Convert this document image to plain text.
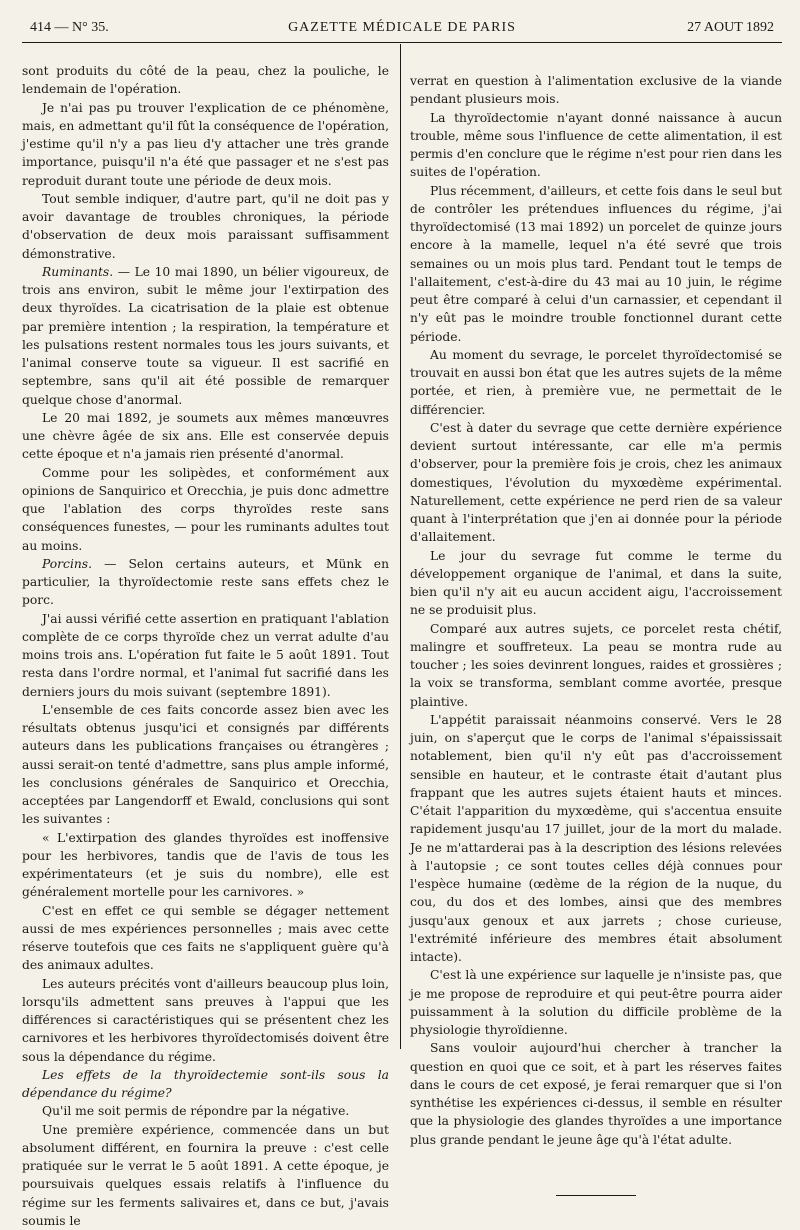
414 — N° 35.	GAZETTE MÉDICALE DE PARIS	27 AOUT 1892

sont produits du côté de la peau, chez la pouliche, le lendemain de l'opération.

Je n'ai pas pu trouver l'explication de ce phénomène, mais, en admettant qu'il fût la conséquence de l'opération, j'estime qu'il n'y a pas lieu d'y attacher une très grande importance, puisqu'il n'a été que passager et ne s'est pas reproduit durant toute une période de deux mois.

Tout semble indiquer, d'autre part, qu'il ne doit pas y avoir davantage de troubles chroniques, la période d'observation de deux mois paraissant suffisamment démonstrative.

Ruminants. — Le 10 mai 1890, un bélier vigoureux, de trois ans environ, subit le même jour l'extirpation des deux thyroïdes. La cicatrisation de la plaie est obtenue par première intention ; la respiration, la température et les pulsations restent normales tous les jours suivants, et l'animal conserve toute sa vigueur. Il est sacrifié en septembre, sans qu'il ait été possible de remarquer quelque chose d'anormal.

Le 20 mai 1892, je soumets aux mêmes manœuvres une chèvre âgée de six ans. Elle est conservée depuis cette époque et n'a jamais rien présenté d'anormal.

Comme pour les solipèdes, et conformément aux opinions de Sanquirico et Orecchia, je puis donc admettre que l'ablation des corps thyroïdes reste sans conséquences funestes, — pour les ruminants adultes tout au moins.

Porcins. — Selon certains auteurs, et Münk en particulier, la thyroïdectomie reste sans effets chez le porc.

J'ai aussi vérifié cette assertion en pratiquant l'ablation complète de ce corps thyroïde chez un verrat adulte d'au moins trois ans. L'opération fut faite le 5 août 1891. Tout resta dans l'ordre normal, et l'animal fut sacrifié dans les derniers jours du mois suivant (septembre 1891).

L'ensemble de ces faits concorde assez bien avec les résultats obtenus jusqu'ici et consignés par différents auteurs dans les publications françaises ou étrangères ; aussi serait-on tenté d'admettre, sans plus ample informé, les conclusions générales de Sanquirico et Orecchia, acceptées par Langendorff et Ewald, conclusions qui sont les suivantes :

« L'extirpation des glandes thyroïdes est inoffensive pour les herbivores, tandis que de l'avis de tous les expérimentateurs (et je suis du nombre), elle est généralement mortelle pour les carnivores. »

C'est en effet ce qui semble se dégager nettement aussi de mes expériences personnelles ; mais avec cette réserve toutefois que ces faits ne s'appliquent guère qu'à des animaux adultes.

Les auteurs précités vont d'ailleurs beaucoup plus loin, lorsqu'ils admettent sans preuves à l'appui que les différences si caractéristiques qui se présentent chez les carnivores et les herbivores thyroïdectomisés doivent être sous la dépendance du régime.

Les effets de la thyroïdectemie sont-ils sous la dépendance du régime?

Qu'il me soit permis de répondre par la négative.

Une première expérience, commencée dans un but absolument différent, en fournira la preuve : c'est celle pratiquée sur le verrat le 5 août 1891. A cette époque, je poursuivais quelques essais relatifs à l'influence du régime sur les ferments salivaires et, dans ce but, j'avais soumis le

verrat en question à l'alimentation exclusive de la viande pendant plusieurs mois.

La thyroïdectomie n'ayant donné naissance à aucun trouble, même sous l'influence de cette alimentation, il est permis d'en conclure que le régime n'est pour rien dans les suites de l'opération.

Plus récemment, d'ailleurs, et cette fois dans le seul but de contrôler les prétendues influences du régime, j'ai thyroïdectomisé (13 mai 1892) un porcelet de quinze jours encore à la mamelle, lequel n'a été sevré que trois semaines ou un mois plus tard. Pendant tout le temps de l'allaitement, c'est-à-dire du 43 mai au 10 juin, le régime peut être comparé à celui d'un carnassier, et cependant il n'y eût pas le moindre trouble fonctionnel durant cette période.

Au moment du sevrage, le porcelet thyroïdectomisé se trouvait en aussi bon état que les autres sujets de la même portée, et rien, à première vue, ne permettait de le différencier.

C'est à dater du sevrage que cette dernière expérience devient surtout intéressante, car elle m'a permis d'observer, pour la première fois je crois, chez les animaux domestiques, l'évolution du myxœdème expérimental. Naturellement, cette expérience ne perd rien de sa valeur quant à l'interprétation que j'en ai donnée pour la période d'allaitement.

Le jour du sevrage fut comme le terme du développement organique de l'animal, et dans la suite, bien qu'il n'y ait eu aucun accident aigu, l'accroissement ne se produisit plus.

Comparé aux autres sujets, ce porcelet resta chétif, malingre et souffreteux. La peau se montra rude au toucher ; les soies devinrent longues, raides et grossières ; la voix se transforma, semblant comme avortée, presque plaintive.

L'appétit paraissait néanmoins conservé. Vers le 28 juin, on s'aperçut que le corps de l'animal s'épaississait notablement, bien qu'il n'y eût pas d'accroissement sensible en hauteur, et le contraste était d'autant plus frappant que les autres sujets étaient hauts et minces. C'était l'apparition du myxœdème, qui s'accentua ensuite rapidement jusqu'au 17 juillet, jour de la mort du malade. Je ne m'attarderai pas à la description des lésions relevées à l'autopsie ; ce sont toutes celles déjà connues pour l'espèce humaine (œdème de la région de la nuque, du cou, du dos et des lombes, ainsi que des membres jusqu'aux genoux et aux jarrets ; chose curieuse, l'extrémité inférieure des membres était absolument intacte).

C'est là une expérience sur laquelle je n'insiste pas, que je me propose de reproduire et qui peut-être pourra aider puissamment à la solution du difficile problème de la physiologie thyroïdienne.

Sans vouloir aujourd'hui chercher à trancher la question en quoi que ce soit, et à part les réserves faites dans le cours de cet exposé, je ferai remarquer que si l'on synthétise les expériences ci-dessus, il semble en résulter que la physiologie des glandes thyroïdes a une importance plus grande pendant le jeune âge qu'à l'état adulte.
